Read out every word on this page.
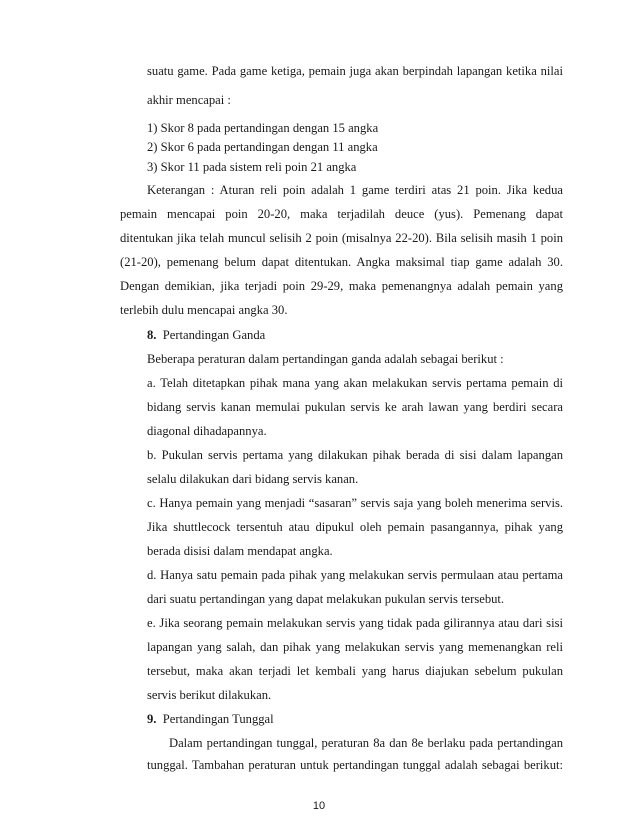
suatu game. Pada game ketiga, pemain juga akan berpindah lapangan ketika nilai
akhir mencapai :
1) Skor 8 pada pertandingan dengan 15 angka
2) Skor 6 pada pertandingan dengan 11 angka
3) Skor 11 pada sistem reli poin 21 angka
Keterangan : Aturan reli poin adalah 1 game terdiri atas 21 poin. Jika kedua
pemain mencapai poin 20-20, maka terjadilah deuce (yus). Pemenang dapat
ditentukan jika telah muncul selisih 2 poin (misalnya 22-20). Bila selisih masih 1 poin
(21-20), pemenang belum dapat ditentukan. Angka maksimal tiap game adalah 30.
Dengan demikian, jika terjadi poin 29-29, maka pemenangnya adalah pemain yang
terlebih dulu mencapai angka 30.
8. Pertandingan Ganda
Beberapa peraturan dalam pertandingan ganda adalah sebagai berikut :
a. Telah ditetapkan pihak mana yang akan melakukan servis pertama pemain di
bidang servis kanan memulai pukulan servis ke arah lawan yang berdiri secara
diagonal dihadapannya.
b. Pukulan servis pertama yang dilakukan pihak berada di sisi dalam lapangan
selalu dilakukan dari bidang servis kanan.
c. Hanya pemain yang menjadi “sasaran” servis saja yang boleh menerima servis.
Jika shuttlecock tersentuh atau dipukul oleh pemain pasangannya, pihak yang
berada disisi dalam mendapat angka.
d. Hanya satu pemain pada pihak yang melakukan servis permulaan atau pertama
dari suatu pertandingan yang dapat melakukan pukulan servis tersebut.
e. Jika seorang pemain melakukan servis yang tidak pada gilirannya atau dari sisi
lapangan yang salah, dan pihak yang melakukan servis yang memenangkan reli
tersebut, maka akan terjadi let kembali yang harus diajukan sebelum pukulan
servis berikut dilakukan.
9. Pertandingan Tunggal
Dalam pertandingan tunggal, peraturan 8a dan 8e berlaku pada pertandingan
tunggal. Tambahan peraturan untuk pertandingan tunggal adalah sebagai berikut:
10
